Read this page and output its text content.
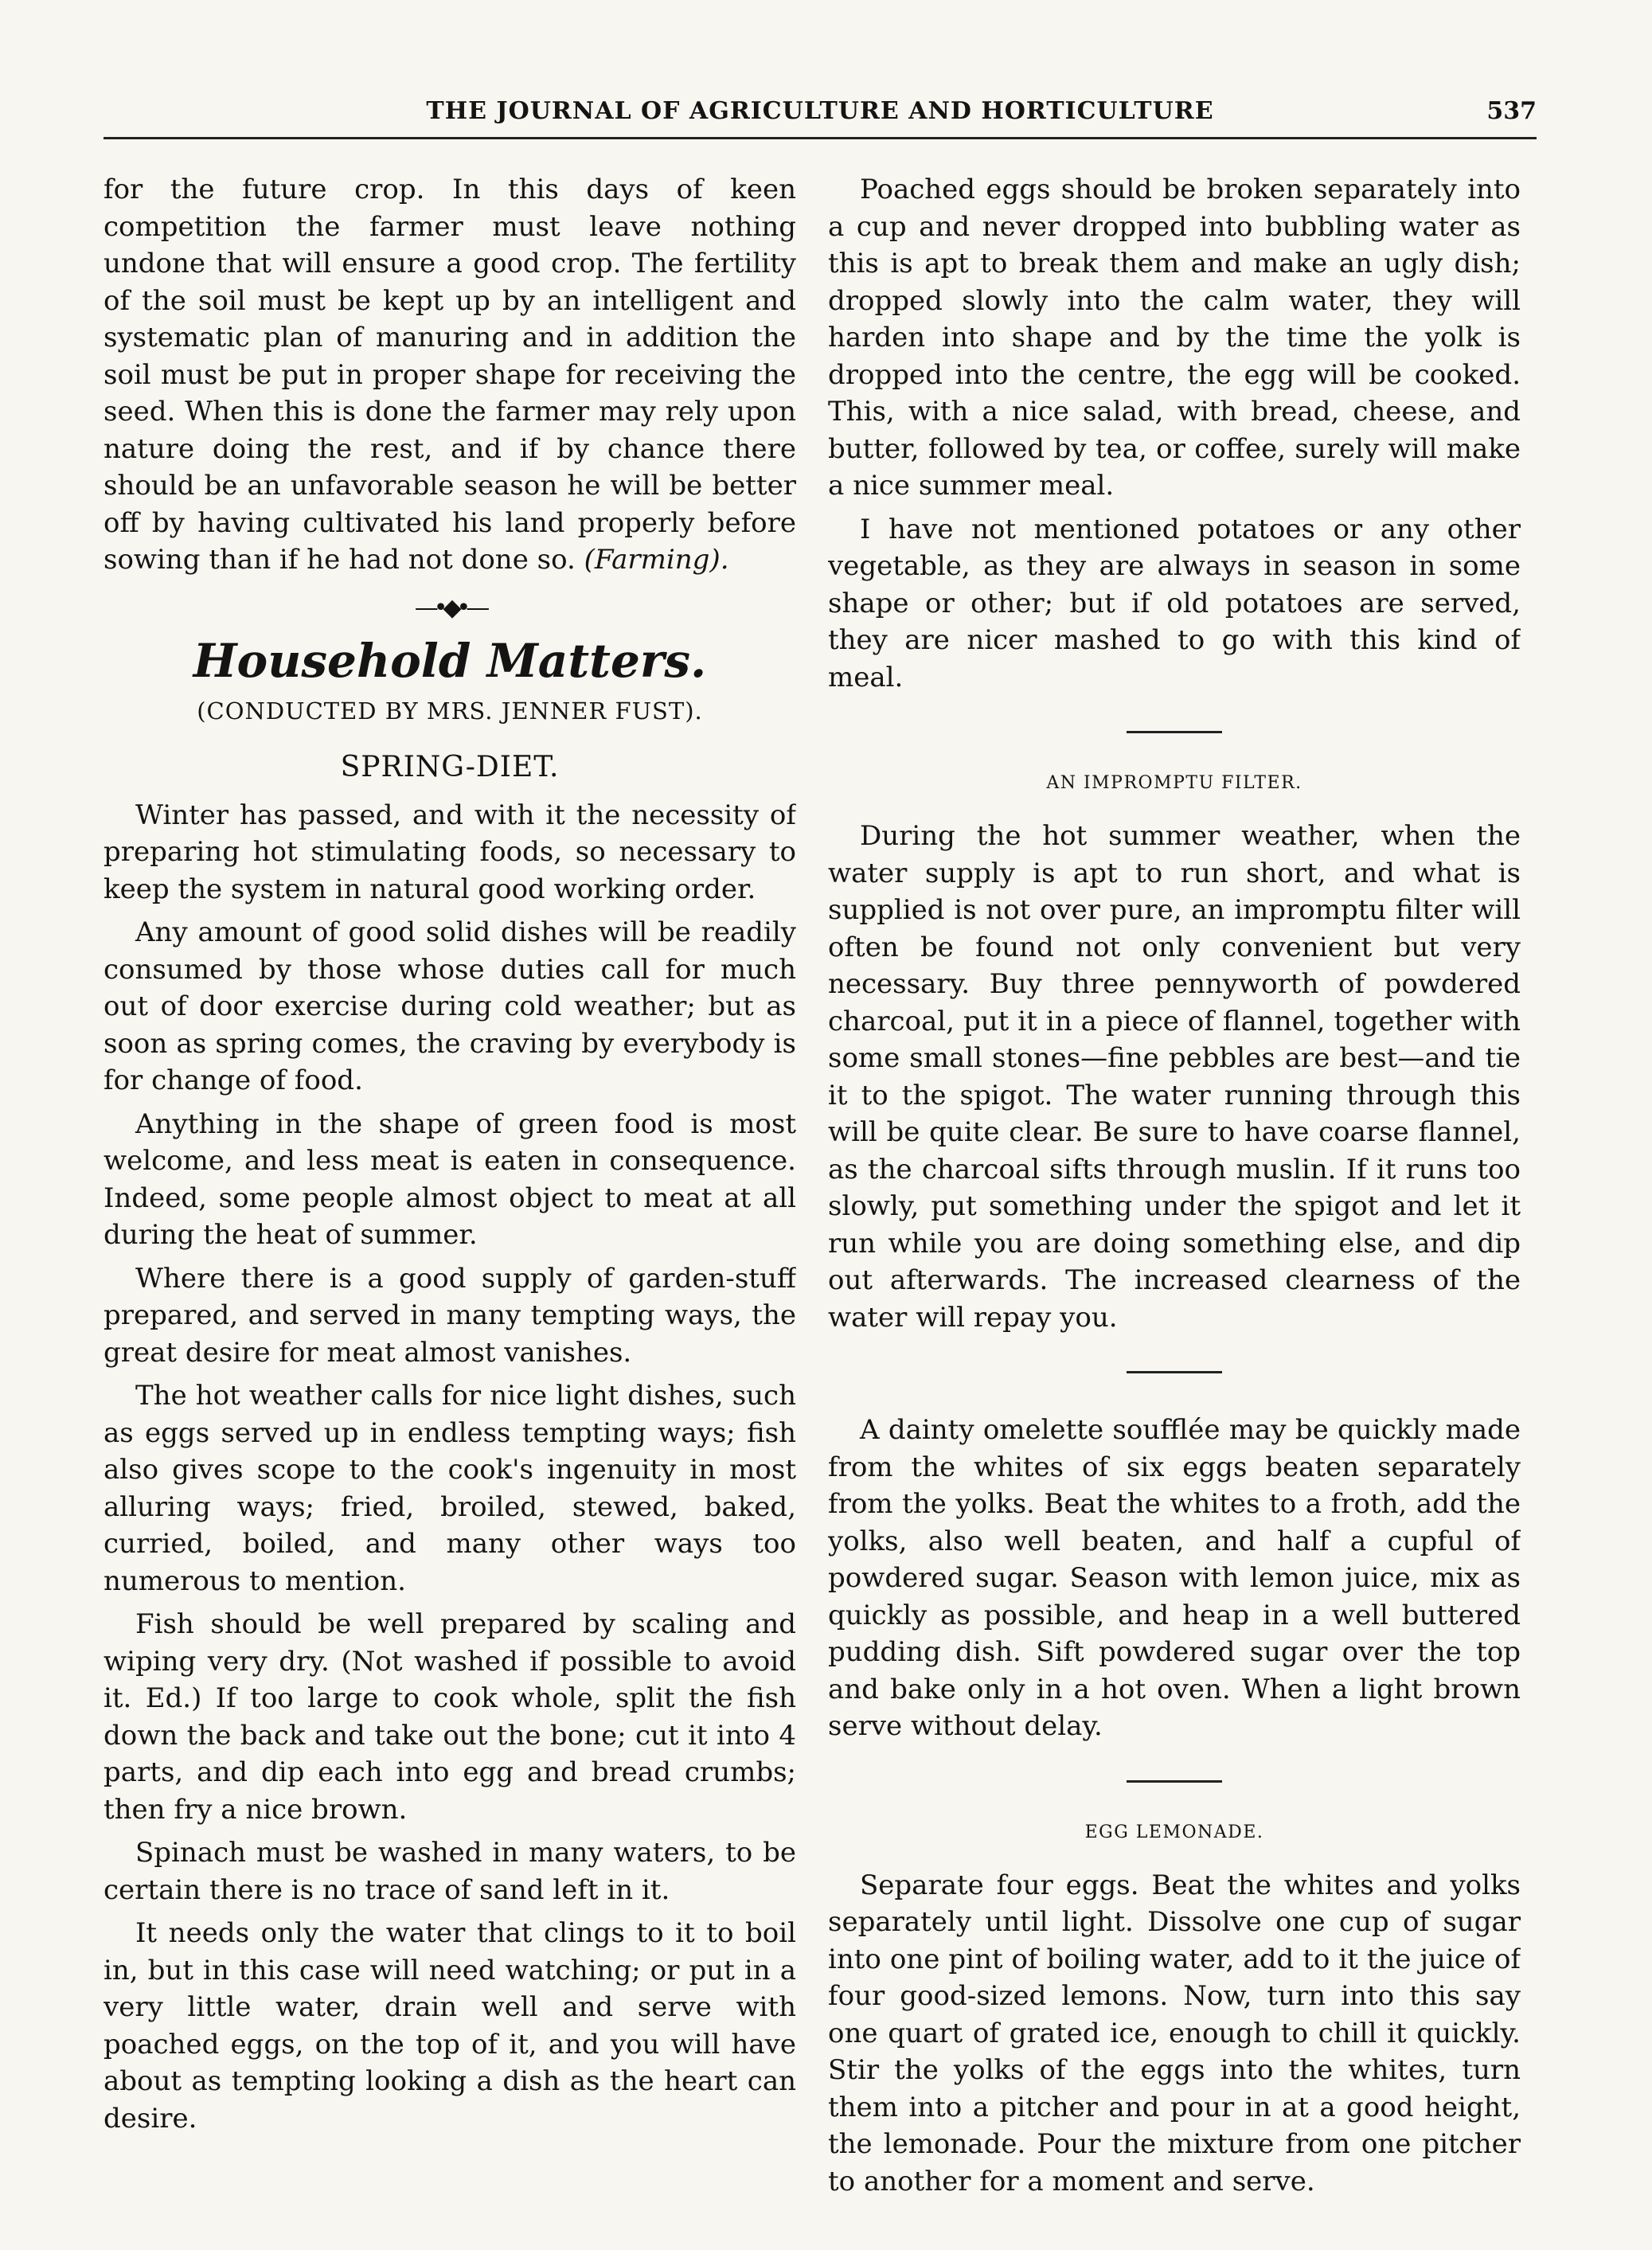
THE JOURNAL OF AGRICULTURE AND HORTICULTURE	537

for the future crop. In this days of keen competition the farmer must leave nothing undone that will ensure a good crop. The fertility of the soil must be kept up by an intelligent and systematic plan of manuring and in addition the soil must be put in proper shape for receiving the seed. When this is done the farmer may rely upon nature doing the rest, and if by chance there should be an unfavorable season he will be better off by having cultivated his land properly before sowing than if he had not done so. (Farming).

—•◆•—
Household Matters.
(CONDUCTED BY MRS. JENNER FUST).
SPRING-DIET.

Winter has passed, and with it the necessity of preparing hot stimulating foods, so necessary to keep the system in natural good working order.

Any amount of good solid dishes will be readily consumed by those whose duties call for much out of door exercise during cold weather; but as soon as spring comes, the craving by everybody is for change of food.

Anything in the shape of green food is most welcome, and less meat is eaten in consequence. Indeed, some people almost object to meat at all during the heat of summer.

Where there is a good supply of garden-stuff prepared, and served in many tempting ways, the great desire for meat almost vanishes.

The hot weather calls for nice light dishes, such as eggs served up in endless tempting ways; fish also gives scope to the cook's ingenuity in most alluring ways; fried, broiled, stewed, baked, curried, boiled, and many other ways too numerous to mention.

Fish should be well prepared by scaling and wiping very dry. (Not washed if possible to avoid it. Ed.) If too large to cook whole, split the fish down the back and take out the bone; cut it into 4 parts, and dip each into egg and bread crumbs; then fry a nice brown.

Spinach must be washed in many waters, to be certain there is no trace of sand left in it.

It needs only the water that clings to it to boil in, but in this case will need watching; or put in a very little water, drain well and serve with poached eggs, on the top of it, and you will have about as tempting looking a dish as the heart can desire.

Poached eggs should be broken separately into a cup and never dropped into bubbling water as this is apt to break them and make an ugly dish; dropped slowly into the calm water, they will harden into shape and by the time the yolk is dropped into the centre, the egg will be cooked. This, with a nice salad, with bread, cheese, and butter, followed by tea, or coffee, surely will make a nice summer meal.

I have not mentioned potatoes or any other vegetable, as they are always in season in some shape or other; but if old potatoes are served, they are nicer mashed to go with this kind of meal.

AN IMPROMPTU FILTER.

During the hot summer weather, when the water supply is apt to run short, and what is supplied is not over pure, an impromptu filter will often be found not only convenient but very necessary. Buy three pennyworth of powdered charcoal, put it in a piece of flannel, together with some small stones—fine pebbles are best—and tie it to the spigot. The water running through this will be quite clear. Be sure to have coarse flannel, as the charcoal sifts through muslin. If it runs too slowly, put something under the spigot and let it run while you are doing something else, and dip out afterwards. The increased clearness of the water will repay you.

A dainty omelette soufflée may be quickly made from the whites of six eggs beaten separately from the yolks. Beat the whites to a froth, add the yolks, also well beaten, and half a cupful of powdered sugar. Season with lemon juice, mix as quickly as possible, and heap in a well buttered pudding dish. Sift powdered sugar over the top and bake only in a hot oven. When a light brown serve without delay.

EGG LEMONADE.

Separate four eggs. Beat the whites and yolks separately until light. Dissolve one cup of sugar into one pint of boiling water, add to it the juice of four good-sized lemons. Now, turn into this say one quart of grated ice, enough to chill it quickly. Stir the yolks of the eggs into the whites, turn them into a pitcher and pour in at a good height, the lemonade. Pour the mixture from one pitcher to another for a moment and serve.
